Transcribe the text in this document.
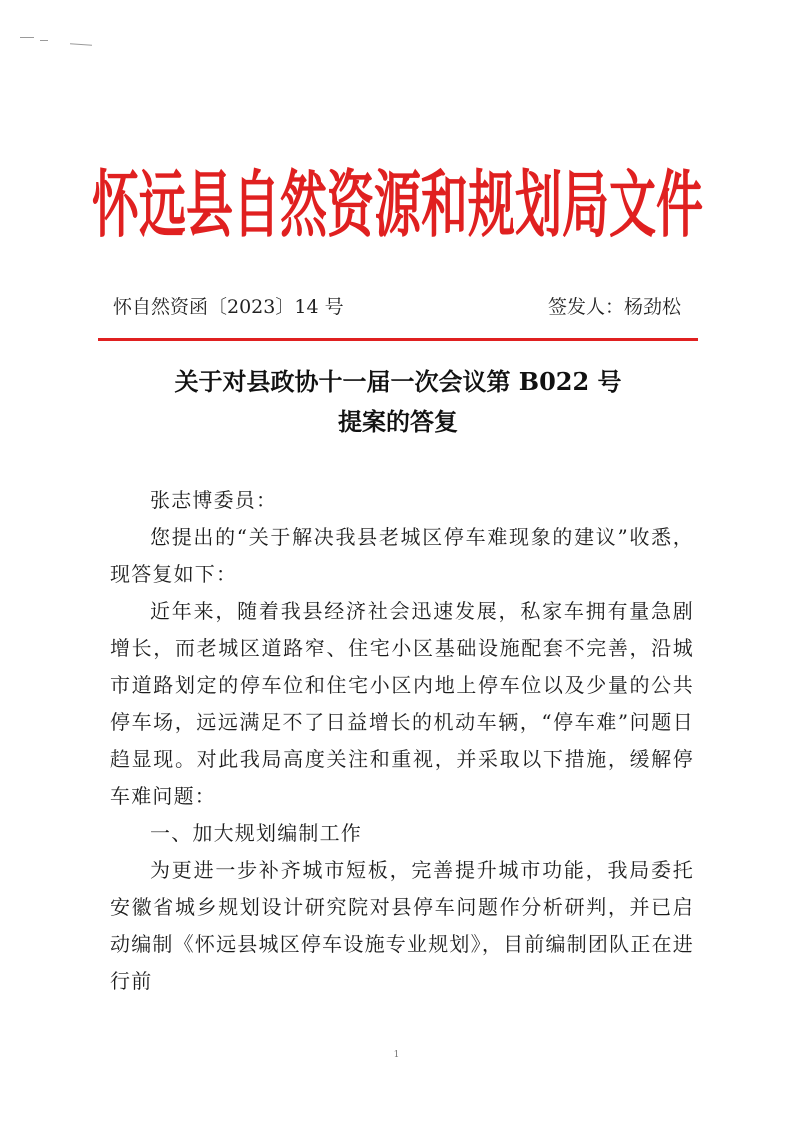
怀远县自然资源和规划局文件
怀自然资函〔2023〕14 号	签发人：杨劲松
关于对县政协十一届一次会议第 B022 号
提案的答复

张志博委员：

您提出的“关于解决我县老城区停车难现象的建议”收悉，现答复如下：

近年来，随着我县经济社会迅速发展，私家车拥有量急剧增长，而老城区道路窄、住宅小区基础设施配套不完善，沿城市道路划定的停车位和住宅小区内地上停车位以及少量的公共停车场，远远满足不了日益增长的机动车辆，“停车难”问题日趋显现。对此我局高度关注和重视，并采取以下措施，缓解停车难问题：

一、加大规划编制工作

为更进一步补齐城市短板，完善提升城市功能，我局委托安徽省城乡规划设计研究院对县停车问题作分析研判，并已启动编制《怀远县城区停车设施专业规划》，目前编制团队正在进行前

1
